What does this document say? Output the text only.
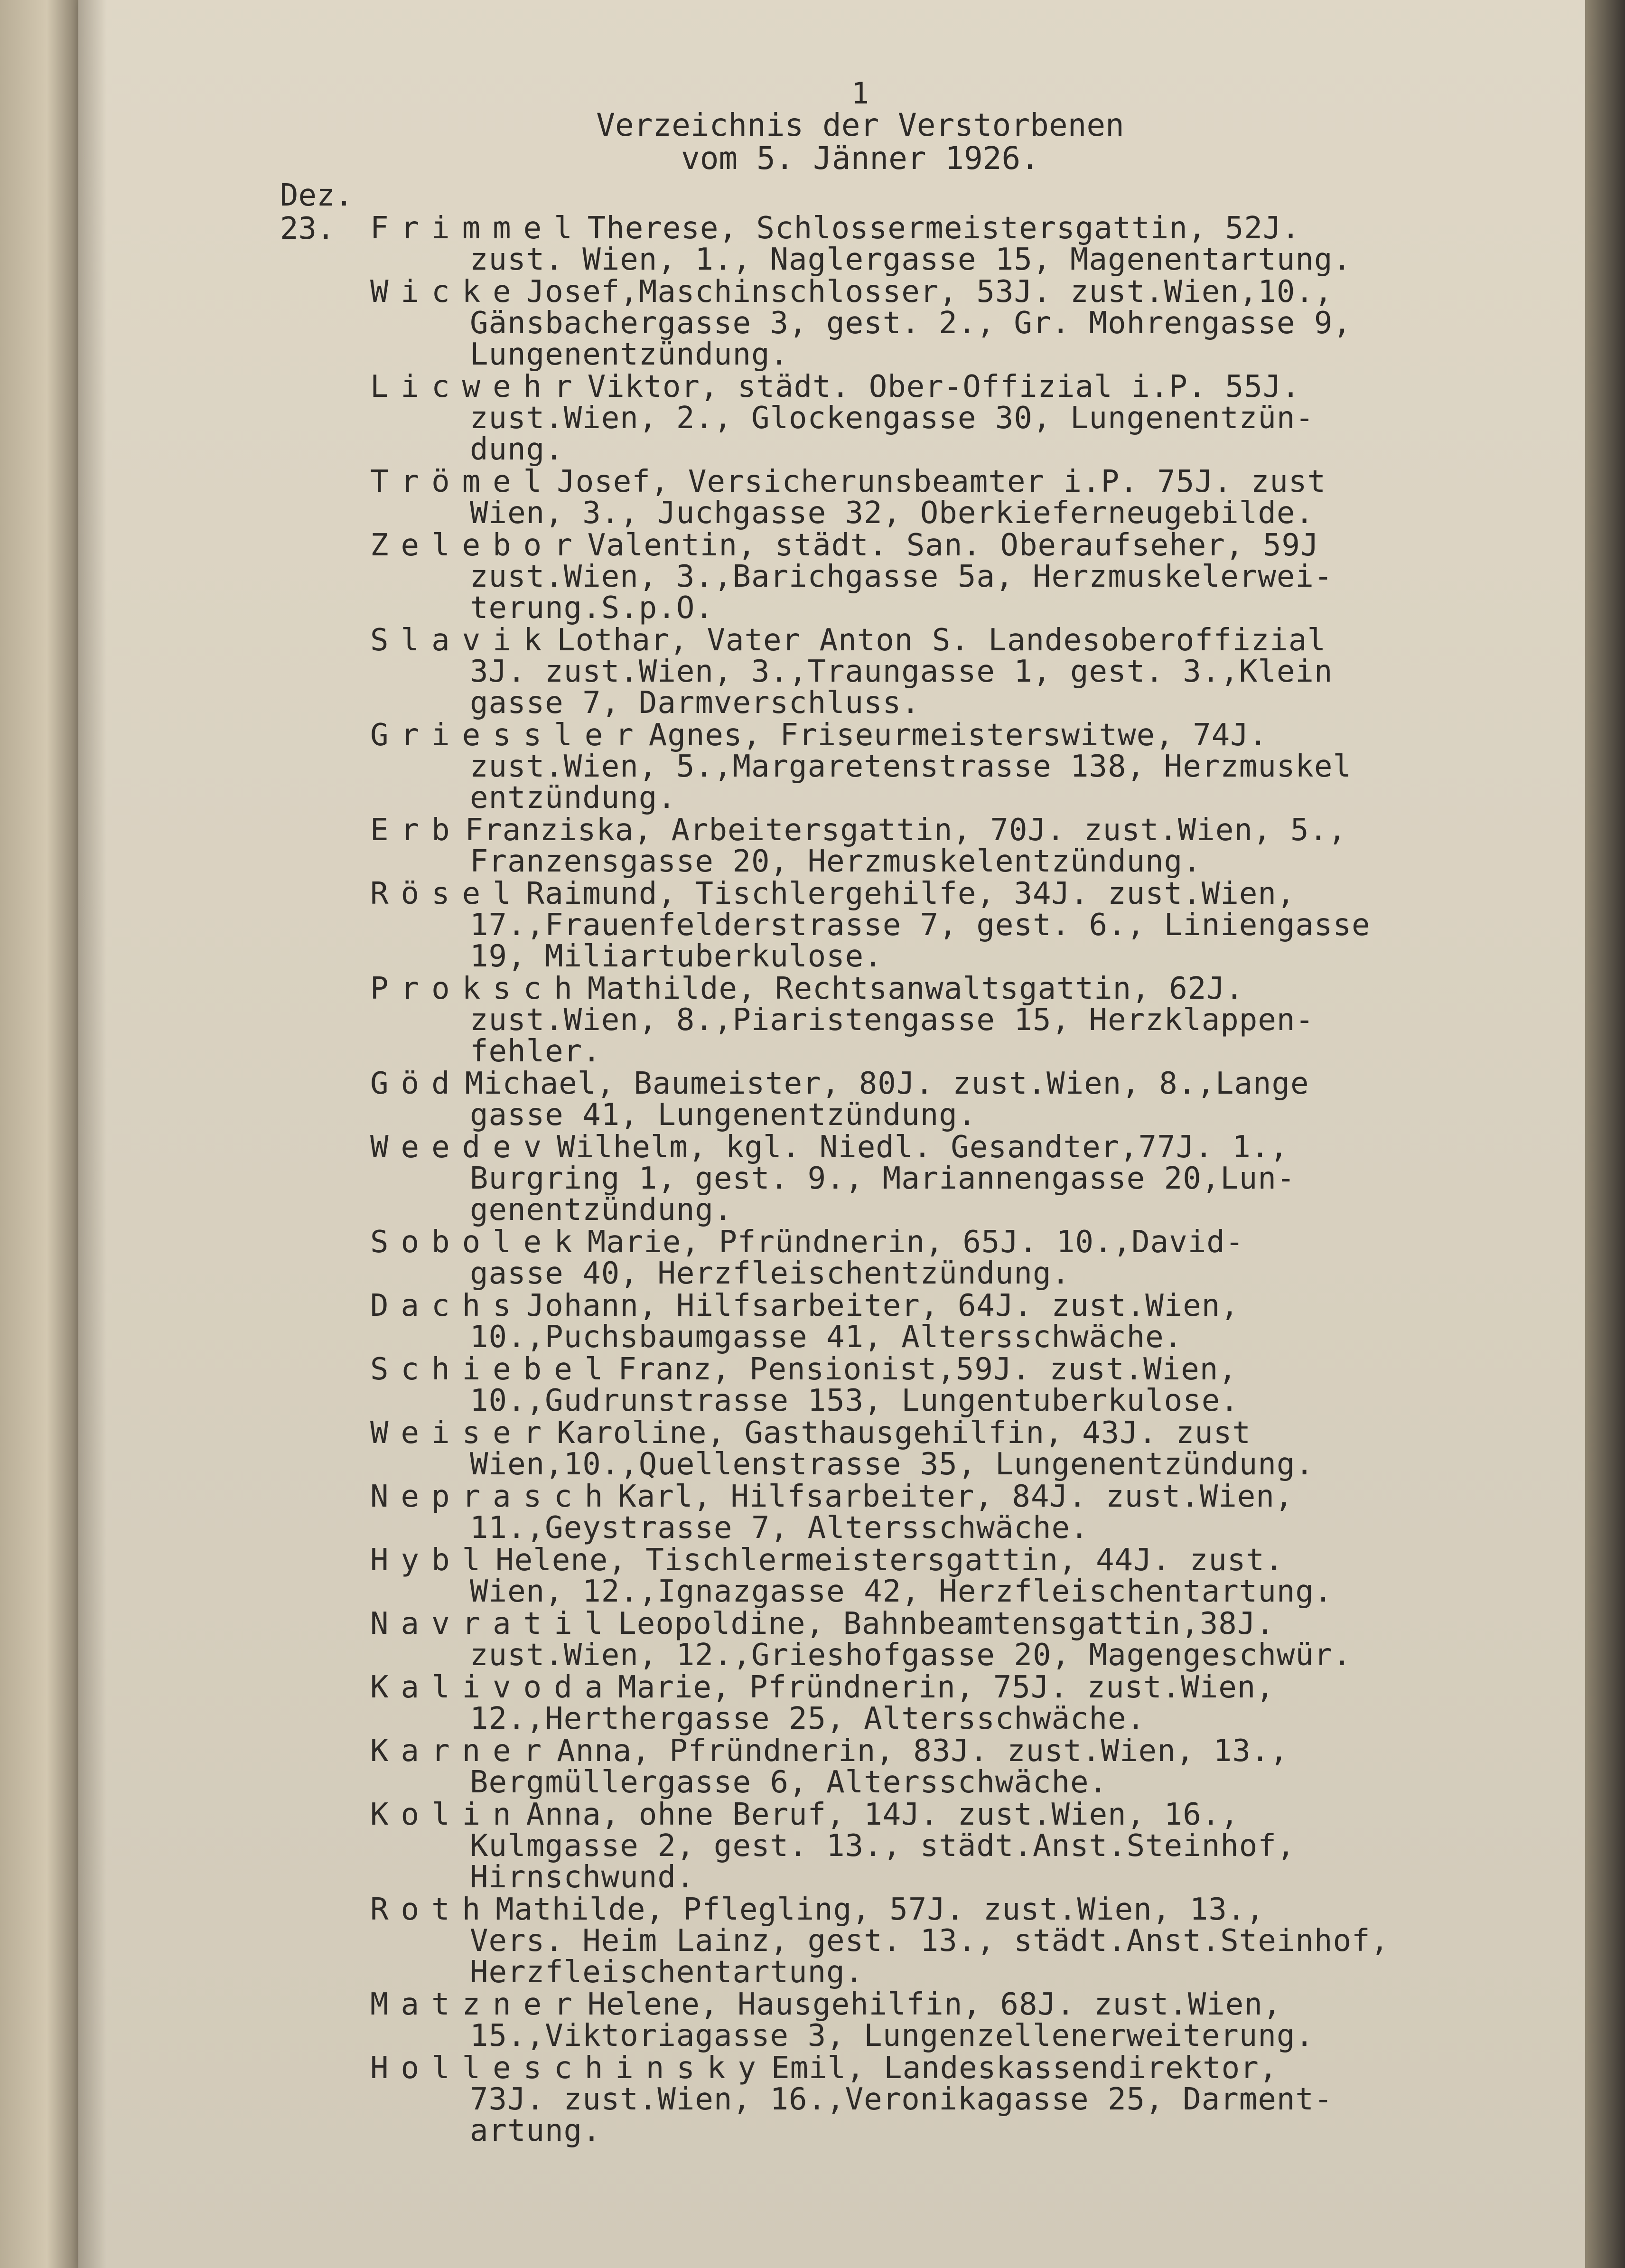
1
Verzeichnis der Verstorbenen
vom 5. Jänner 1926.
Dez.
23. FrimmelTherese, Schlossermeistersgattin, 52J.
zust. Wien, 1., Naglergasse 15, Magenentartung.
WickeJosef,Maschinschlosser, 53J. zust.Wien,10.,
Gänsbachergasse 3, gest. 2., Gr. Mohrengasse 9,
Lungenentzündung.
LicwehrViktor, städt. Ober-Offizial i.P. 55J.
zust.Wien, 2., Glockengasse 30, Lungenentzün-
dung.
TrömelJosef, Versicherunsbeamter i.P. 75J. zust
Wien, 3., Juchgasse 32, Oberkieferneugebilde.
ZeleborValentin, städt. San. Oberaufseher, 59J
zust.Wien, 3.,Barichgasse 5a, Herzmuskelerwei-
terung.S.p.O.
SlavikLothar, Vater Anton S. Landesoberoffizial
3J. zust.Wien, 3.,Traungasse 1, gest. 3.,Klein
gasse 7, Darmverschluss.
GriesslerAgnes, Friseurmeisterswitwe, 74J.
zust.Wien, 5.,Margaretenstrasse 138, Herzmuskel
entzündung.
ErbFranziska, Arbeitersgattin, 70J. zust.Wien, 5.,
Franzensgasse 20, Herzmuskelentzündung.
RöselRaimund, Tischlergehilfe, 34J. zust.Wien,
17.,Frauenfelderstrasse 7, gest. 6., Liniengasse
19, Miliartuberkulose.
ProkschMathilde, Rechtsanwaltsgattin, 62J.
zust.Wien, 8.,Piaristengasse 15, Herzklappen-
fehler.
GödMichael, Baumeister, 80J. zust.Wien, 8.,Lange
gasse 41, Lungenentzündung.
WeedevWilhelm, kgl. Niedl. Gesandter,77J. 1.,
Burgring 1, gest. 9., Mariannengasse 20,Lun-
genentzündung.
SobolekMarie, Pfründnerin, 65J. 10.,David-
gasse 40, Herzfleischentzündung.
DachsJohann, Hilfsarbeiter, 64J. zust.Wien,
10.,Puchsbaumgasse 41, Altersschwäche.
SchiebelFranz, Pensionist,59J. zust.Wien,
10.,Gudrunstrasse 153, Lungentuberkulose.
WeiserKaroline, Gasthausgehilfin, 43J. zust
Wien,10.,Quellenstrasse 35, Lungenentzündung.
NepraschKarl, Hilfsarbeiter, 84J. zust.Wien,
11.,Geystrasse 7, Altersschwäche.
HyblHelene, Tischlermeistersgattin, 44J. zust.
Wien, 12.,Ignazgasse 42, Herzfleischentartung.
NavratilLeopoldine, Bahnbeamtensgattin,38J.
zust.Wien, 12.,Grieshofgasse 20, Magengeschwür.
KalivodaMarie, Pfründnerin, 75J. zust.Wien,
12.,Herthergasse 25, Altersschwäche.
KarnerAnna, Pfründnerin, 83J. zust.Wien, 13.,
Bergmüllergasse 6, Altersschwäche.
KolinAnna, ohne Beruf, 14J. zust.Wien, 16.,
Kulmgasse 2, gest. 13., städt.Anst.Steinhof,
Hirnschwund.
RothMathilde, Pflegling, 57J. zust.Wien, 13.,
Vers. Heim Lainz, gest. 13., städt.Anst.Steinhof,
Herzfleischentartung.
MatznerHelene, Hausgehilfin, 68J. zust.Wien,
15.,Viktoriagasse 3, Lungenzellenerweiterung.
HolleschinskyEmil, Landeskassendirektor,
73J. zust.Wien, 16.,Veronikagasse 25, Darment-
artung.
